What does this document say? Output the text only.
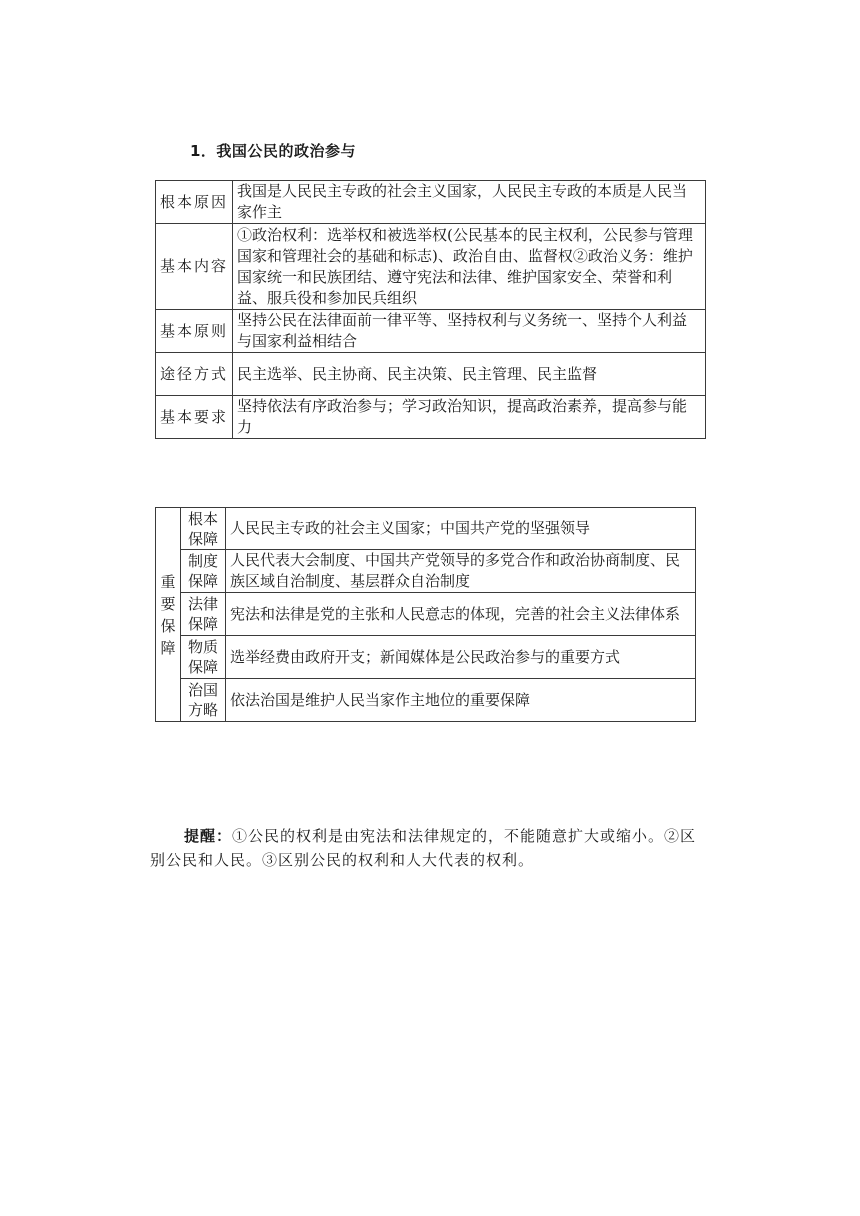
1．我国公民的政治参与
根本原因	我国是人民民主专政的社会主义国家，人民民主专政的本质是人民当家作主
基本内容	①政治权利：选举权和被选举权(公民基本的民主权利，公民参与管理国家和管理社会的基础和标志)、政治自由、监督权②政治义务：维护国家统一和民族团结、遵守宪法和法律、维护国家安全、荣誉和利益、服兵役和参加民兵组织
基本原则	坚持公民在法律面前一律平等、坚持权利与义务统一、坚持个人利益与国家利益相结合
途径方式	民主选举、民主协商、民主决策、民主管理、民主监督
基本要求	坚持依法有序政治参与；学习政治知识，提高政治素养，提高参与能力
重要保障	根本保障	人民民主专政的社会主义国家；中国共产党的坚强领导
	制度保障	人民代表大会制度、中国共产党领导的多党合作和政治协商制度、民族区域自治制度、基层群众自治制度
	法律保障	宪法和法律是党的主张和人民意志的体现，完善的社会主义法律体系
	物质保障	选举经费由政府开支；新闻媒体是公民政治参与的重要方式
	治国方略	依法治国是维护人民当家作主地位的重要保障
提醒：①公民的权利是由宪法和法律规定的，不能随意扩大或缩小。②区别公民和人民。③区别公民的权利和人大代表的权利。
